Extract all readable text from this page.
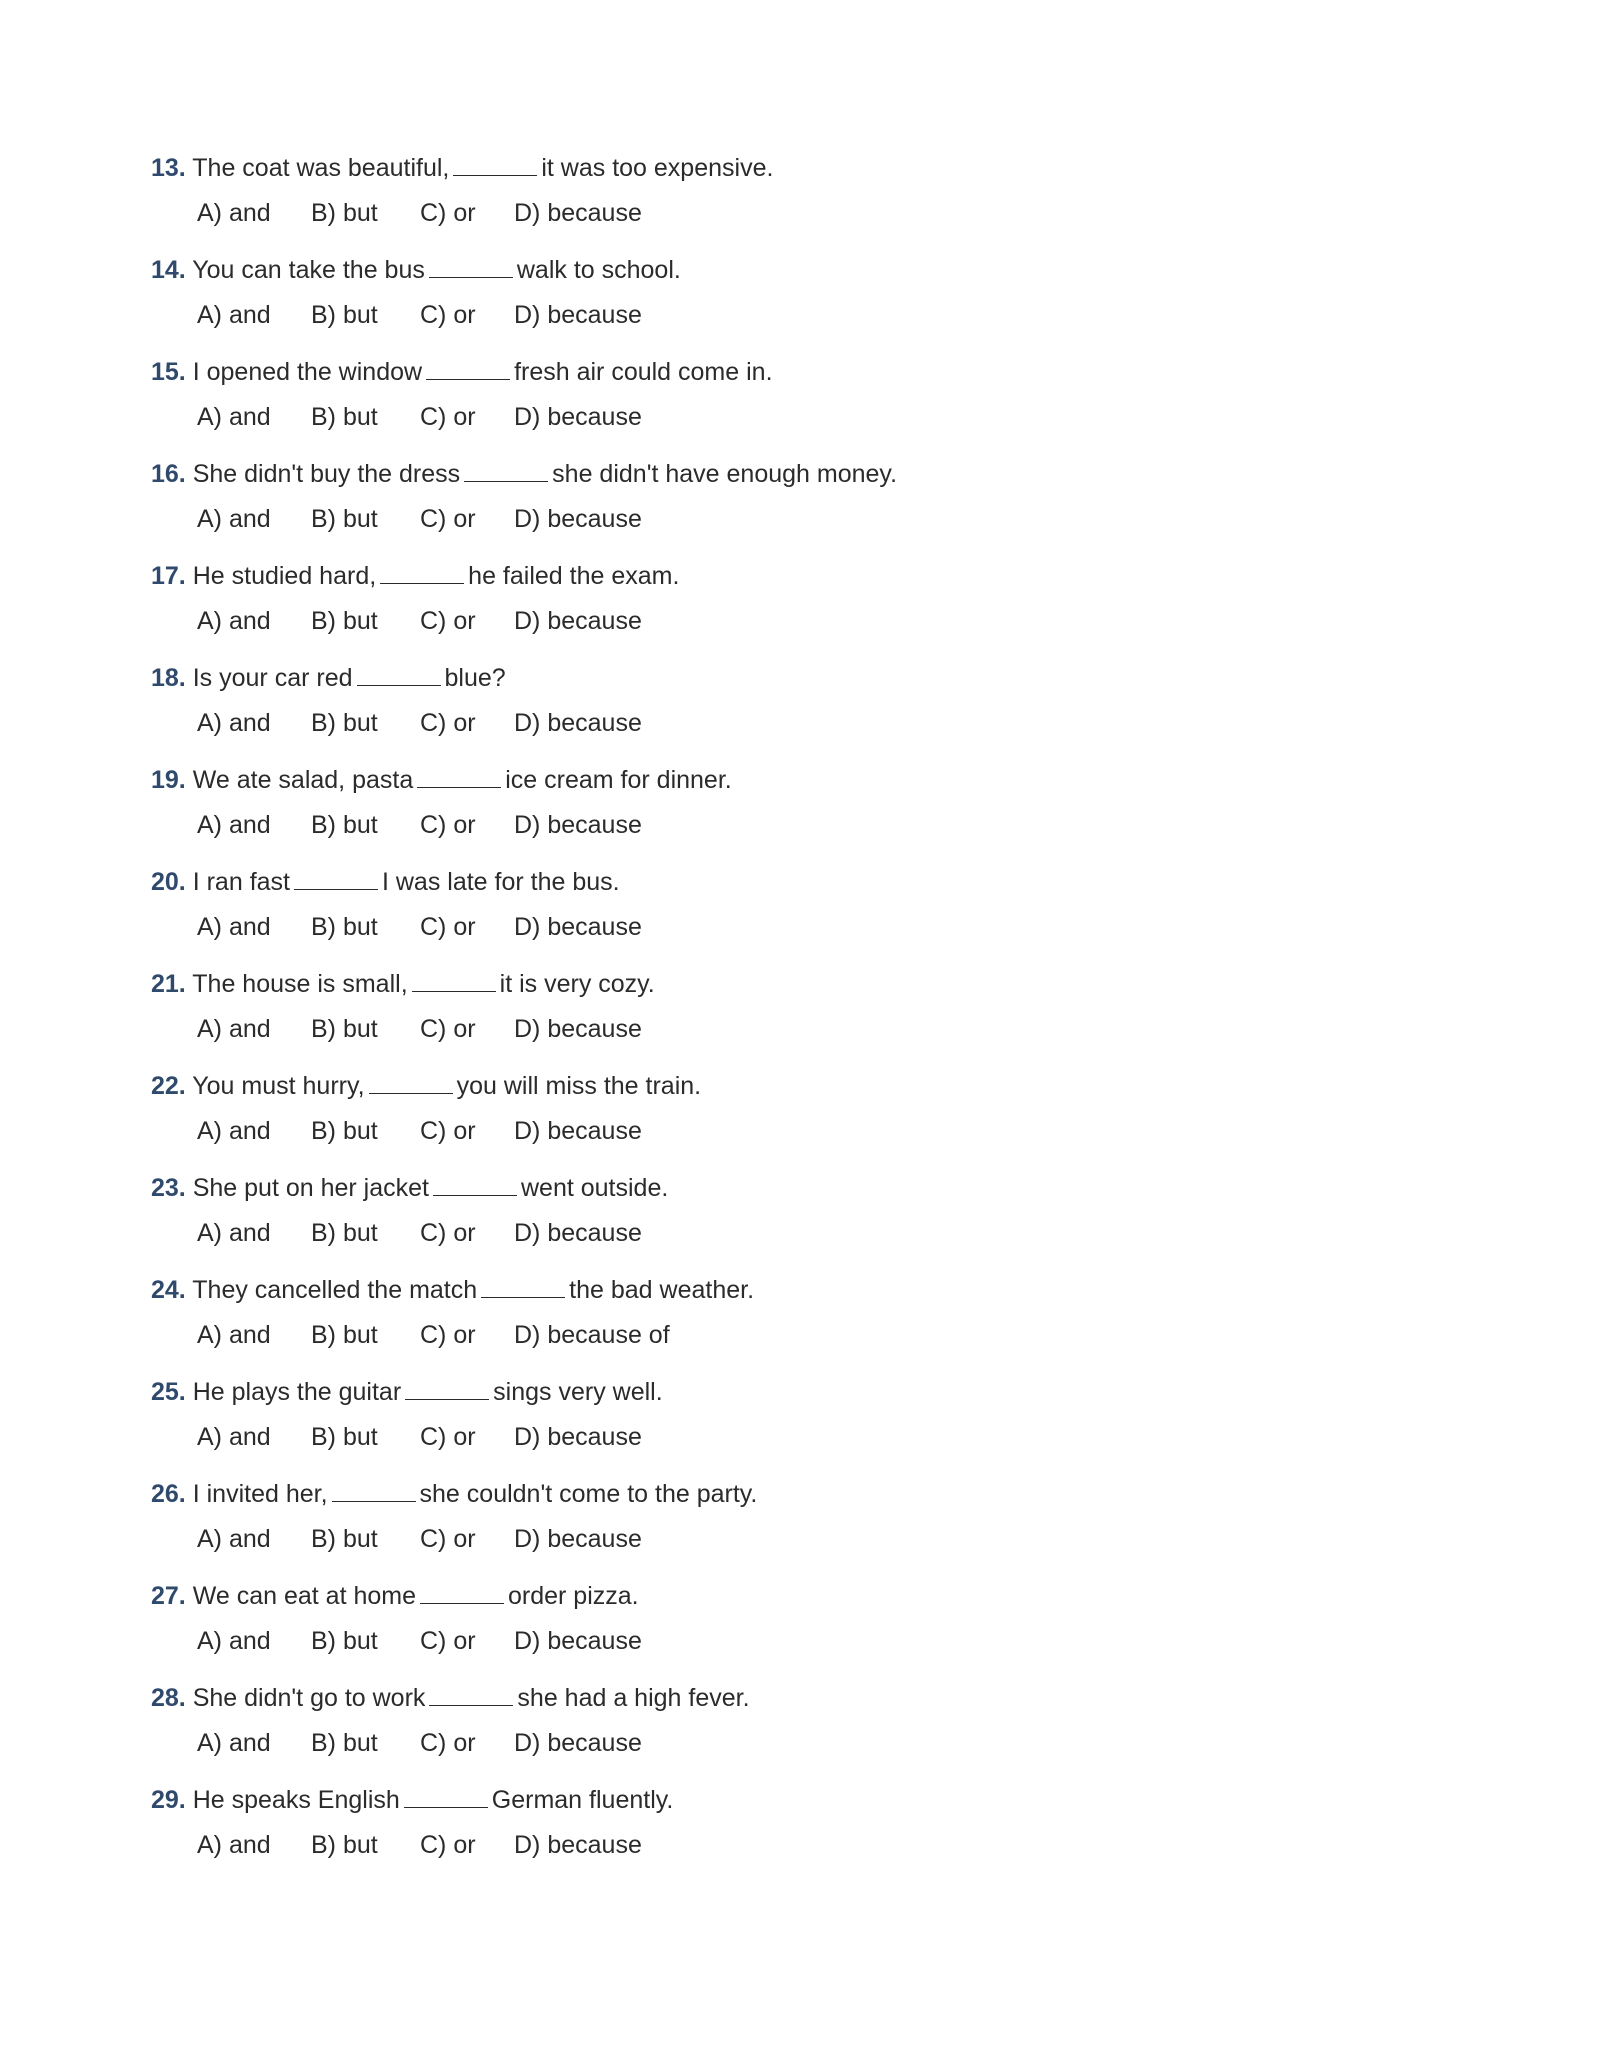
13. The coat was beautiful,	it was too expensive.
A) and B) but C) or D) because
14. You can take the bus	walk to school.
A) and B) but C) or D) because
15. I opened the window	fresh air could come in.
A) and B) but C) or D) because
16. She didn't buy the dress	she didn't have enough money.
A) and B) but C) or D) because
17. He studied hard,	he failed the exam.
A) and B) but C) or D) because
18. Is your car red	blue?
A) and B) but C) or D) because
19. We ate salad, pasta	ice cream for dinner.
A) and B) but C) or D) because
20. I ran fast	I was late for the bus.
A) and B) but C) or D) because
21. The house is small,	it is very cozy.
A) and B) but C) or D) because
22. You must hurry,	you will miss the train.
A) and B) but C) or D) because
23. She put on her jacket	went outside.
A) and B) but C) or D) because
24. They cancelled the match	the bad weather.
A) and B) but C) or D) because of
25. He plays the guitar	sings very well.
A) and B) but C) or D) because
26. I invited her,	she couldn't come to the party.
A) and B) but C) or D) because
27. We can eat at home	order pizza.
A) and B) but C) or D) because
28. She didn't go to work	she had a high fever.
A) and B) but C) or D) because
29. He speaks English	German fluently.
A) and B) but C) or D) because
